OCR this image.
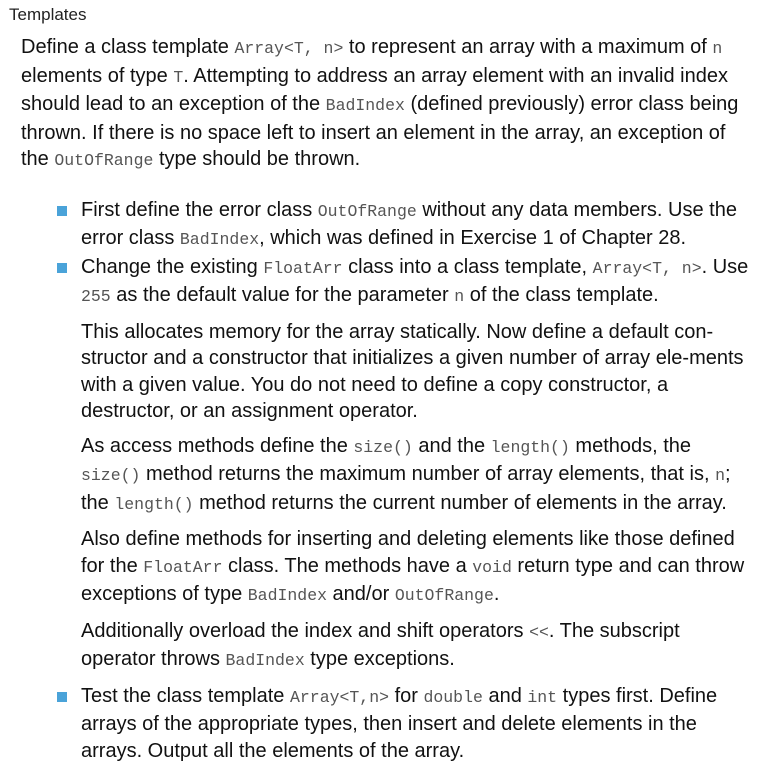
Templates

Define a class template Array<T, n> to represent an array with a maximum of n elements of type T. Attempting to address an array element with an invalid index should lead to an exception of the BadIndex (defined previously) error class being thrown. If there is no space left to insert an element in the array, an exception of the OutOfRange type should be thrown.

First define the error class OutOfRange without any data members. Use the error class BadIndex, which was defined in Exercise 1 of Chapter 28.

Change the existing FloatArr class into a class template, Array<T, n>. Use 255 as the default value for the parameter n of the class template.

This allocates memory for the array statically. Now define a default con-structor and a constructor that initializes a given number of array ele-ments with a given value. You do not need to define a copy constructor, a destructor, or an assignment operator.

As access methods define the size() and the length() methods, the size() method returns the maximum number of array elements, that is, n; the length() method returns the current number of elements in the array.

Also define methods for inserting and deleting elements like those defined for the FloatArr class. The methods have a void return type and can throw exceptions of type BadIndex and/or OutOfRange.

Additionally overload the index and shift operators <<. The subscript operator throws BadIndex type exceptions.

Test the class template Array<T,n> for double and int types first. Define arrays of the appropriate types, then insert and delete elements in the arrays. Output all the elements of the array.
